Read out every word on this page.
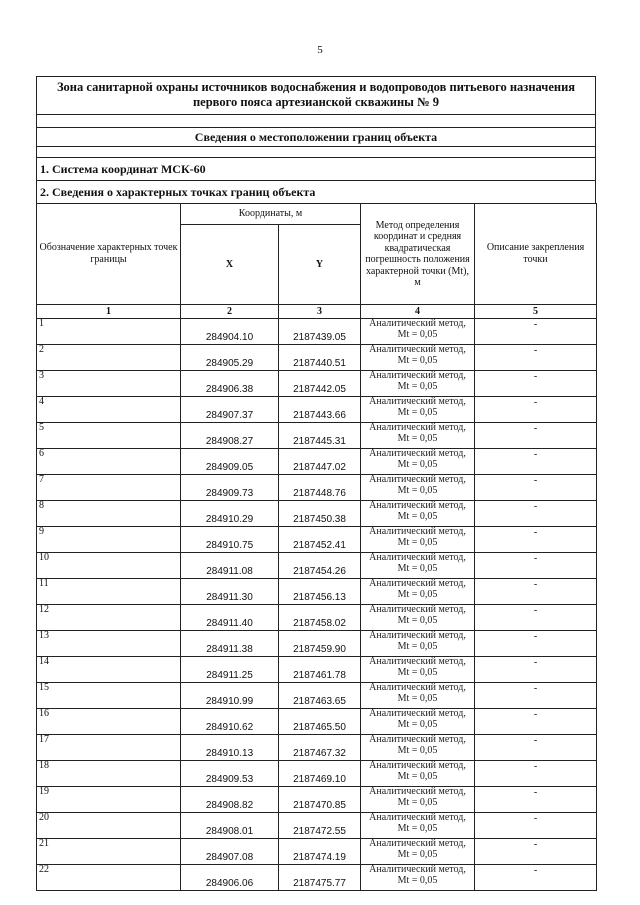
5
Зона санитарной охраны источников водоснабжения и водопроводов питьевого назначения первого пояса артезианской скважины № 9
Сведения о местоположении границ объекта
1. Система координат МСК-60
2. Сведения о характерных точках границ объекта
Обозначение характерных точек границы	Координаты, м		Метод определения координат и средняя квадратическая погрешность положения характерной точки (Mt), м	Описание закрепления точки
	X	Y		
1	2	3	4	5
1	284904.10	2187439.05	Аналитический метод,
Mt = 0,05	-
2	284905.29	2187440.51	Аналитический метод,
Mt = 0,05	-
3	284906.38	2187442.05	Аналитический метод,
Mt = 0,05	-
4	284907.37	2187443.66	Аналитический метод,
Mt = 0,05	-
5	284908.27	2187445.31	Аналитический метод,
Mt = 0,05	-
6	284909.05	2187447.02	Аналитический метод,
Mt = 0,05	-
7	284909.73	2187448.76	Аналитический метод,
Mt = 0,05	-
8	284910.29	2187450.38	Аналитический метод,
Mt = 0,05	-
9	284910.75	2187452.41	Аналитический метод,
Mt = 0,05	-
10	284911.08	2187454.26	Аналитический метод,
Mt = 0,05	-
11	284911.30	2187456.13	Аналитический метод,
Mt = 0,05	-
12	284911.40	2187458.02	Аналитический метод,
Mt = 0,05	-
13	284911.38	2187459.90	Аналитический метод,
Mt = 0,05	-
14	284911.25	2187461.78	Аналитический метод,
Mt = 0,05	-
15	284910.99	2187463.65	Аналитический метод,
Mt = 0,05	-
16	284910.62	2187465.50	Аналитический метод,
Mt = 0,05	-
17	284910.13	2187467.32	Аналитический метод,
Mt = 0,05	-
18	284909.53	2187469.10	Аналитический метод,
Mt = 0,05	-
19	284908.82	2187470.85	Аналитический метод,
Mt = 0,05	-
20	284908.01	2187472.55	Аналитический метод,
Mt = 0,05	-
21	284907.08	2187474.19	Аналитический метод,
Mt = 0,05	-
22	284906.06	2187475.77	Аналитический метод,
Mt = 0,05	-
